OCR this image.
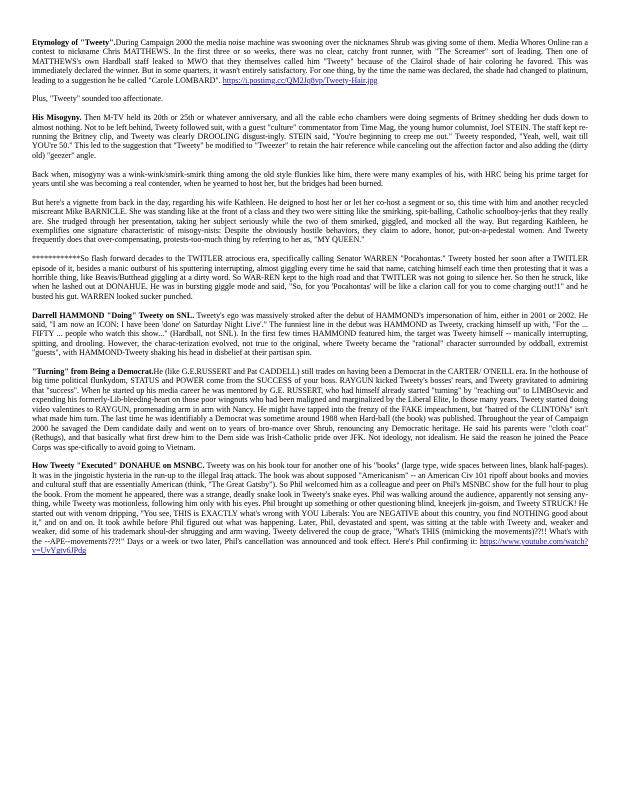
Etymology of "Tweety".During Campaign 2000 the media noise machine was swooning over the nicknames Shrub was giving some of them. Media Whores Online ran a contest to nickname Chris MATTHEWS. In the first three or so weeks, there was no clear, catchy front runner, with "The Screamer" sort of leading. Then one of MATTHEWS's own Hardball staff leaked to MWO that they themselves called him "Tweety" because of the Clairol shade of hair coloring he favored. This was immediately declared the winner. But in some quarters, it wasn't entirely satisfactory. For one thing, by the time the name was declared, the shade had changed to platinum, leading to a suggestion he be called "Carole LOMBARD". https://i.postimg.cc/QM2Jq8vp/Tweety-Hair.jpg

Plus, "Tweety" sounded too affectionate.

His Misogyny. Then M-TV held its 20th or 25th or whatever anniversary, and all the cable echo chambers were doing segments of Britney shedding her duds down to almost nothing. Not to be left behind, Tweety followed suit, with a guest "culture" commentator from Time Mag, the young humor columnist, Joel STEIN. The staff kept re-running the Britney clip, and Tweety was clearly DROOLING disgust-ingly. STEIN said, "You're beginning to creep me out." Tweety responded, "Yeah, well, wait till YOU're 50." This led to the suggestion that "Tweety" be modified to "Tweezer" to retain the hair reference while canceling out the affection factor and also adding the (dirty old) "geezer" angle.

Back when, misogyny was a wink-wink/smirk-smirk thing among the old style flunkies like him, there were many examples of his, with HRC being his prime target for years until she was becoming a real contender, when he yearned to host her, but the bridges had been burned.

But here's a vignette from back in the day, regarding his wife Kathleen. He deigned to host her or let her co-host a segment or so, this time with him and another recycled miscreant Mike BARNICLE. She was standing like at the front of a class and they two were sitting like the smirking, spit-balling, Catholic schoolboy-jerks that they really are. She trudged through her presentation, taking her subject seriously while the two of them smirked, giggled, and mocked all the way. But regarding Kathleen, he exemplifies one signature characteristic of misogy-nists: Despite the obviously hostile behaviors, they claim to adore, honor, put-on-a-pedestal women. And Tweety frequently does that over-compensating, protests-too-much thing by referring to her as, "MY QUEEN."

************So flash forward decades to the TWITLER atrocious era, specifically calling Senator WARREN "Pocahontas." Tweety hosted her soon after a TWITLER episode of it, besides a manic outburst of his sputtering interrupting, almost giggling every time he said that name, catching himself each time then protesting that it was a horrible thing, like Beavis/Butthead giggling at a dirty word. So WAR-REN kept to the high road and that TWITLER was not going to silence her. So then he struck, like when he lashed out at DONAHUE. He was in bursting giggle mode and said, "So, for you 'Pocahontas' will be like a clarion call for you to come charging out!1" and he busted his gut. WARREN looked sucker punched.

Darrell HAMMOND "Doing" Tweety on SNL. Tweety's ego was massively stroked after the debut of HAMMOND's impersonation of him, either in 2001 or 2002. He said, "I am now an ICON: I have been 'done' on Saturday Night Live'." The funniest line in the debut was HAMMOND as Tweety, cracking himself up with, "For the ... FIFTY ... people who watch this show..." (Hardball, not SNL). In the first few times HAMMOND featured him, the target was Tweety himself -- manically interrupting, spitting, and drooling. However, the charac-terization evolved, not true to the original, where Tweety became the "rational" character surrounded by oddball, extremist "guests", with HAMMOND-Tweety shaking his head in disbelief at their partisan spin.

"Turning" from Being a Democrat.He (like G.E.RUSSERT and Pat CADDELL) still trades on having been a Democrat in the CARTER/ O'NEILL era. In the hothouse of big time political flunkydom, STATUS and POWER come from the SUCCESS of your boss. RAYGUN kicked Tweety's bosses' rears, and Tweety gravitated to admiring that "success". When he started up his media career he was mentored by G.E. RUSSERT, who had himself already started "turning" by "reaching out" to LIMBOsevic and expending his formerly-Lib-bleeding-heart on those poor wingnuts who had been maligned and marginalized by the Liberal Elite, lo those many years. Tweety started doing video valentines to RAYGUN, promenading arm in arm with Nancy. He might have tapped into the frenzy of the FAKE impeachment, but "hatred of the CLINTONs" isn't what made him turn. The last time he was identifiably a Democrat was sometime around 1988 when Hard-ball (the book) was published. Throughout the year of Campaign 2000 he savaged the Dem candidate daily and went on to years of bro-mance over Shrub, renouncing any Democratic heritage. He said his parents were "cloth coat" (Rethugs), and that basically what first drew him to the Dem side was Irish-Catholic pride over JFK. Not ideology, not idealism. He said the reason he joined the Peace Corps was spe-cifically to avoid going to Vietnam.

How Tweety "Executed" DONAHUE on MSNBC. Tweety was on his book tour for another one of his "books" (large type, wide spaces between lines, blank half-pages). It was in the jingoistic hysteria in the run-up to the illegal Iraq attack. The book was about supposed "Americanism" -- an American Civ 101 ripoff about books and movies and cultural stuff that are essentially American (think, "The Great Gatsby"). So Phil welcomed him as a colleague and peer on Phil's MSNBC show for the full hour to plug the book. From the moment he appeared, there was a strange, deadly snake look in Tweety's snake eyes. Phil was walking around the audience, apparently not sensing any-thing, while Tweety was motionless, following him only with his eyes. Phil brought up something or other questioning blind, kneejerk jin-goism, and Tweety STRUCK! He started out with venom dripping, "You see, THIS is EXACTLY what's wrong with YOU Liberals: You are NEGATIVE about this country, you find NOTHING good about it," and on and on. It took awhile before Phil figured out what was happening. Later, Phil, devastated and spent, was sitting at the table with Tweety and, weaker and weaker, did some of his trademark shoul-der shrugging and arm waving. Tweety delivered the coup de grace, "What's THIS (mimicking the movements)??!! What's with the --APE--movements???!" Days or a week or two later, Phil's cancellation was announced and took effect. Here's Phil confirming it: https://www.youtube.com/watch?v=UvYgtv6JPdg
